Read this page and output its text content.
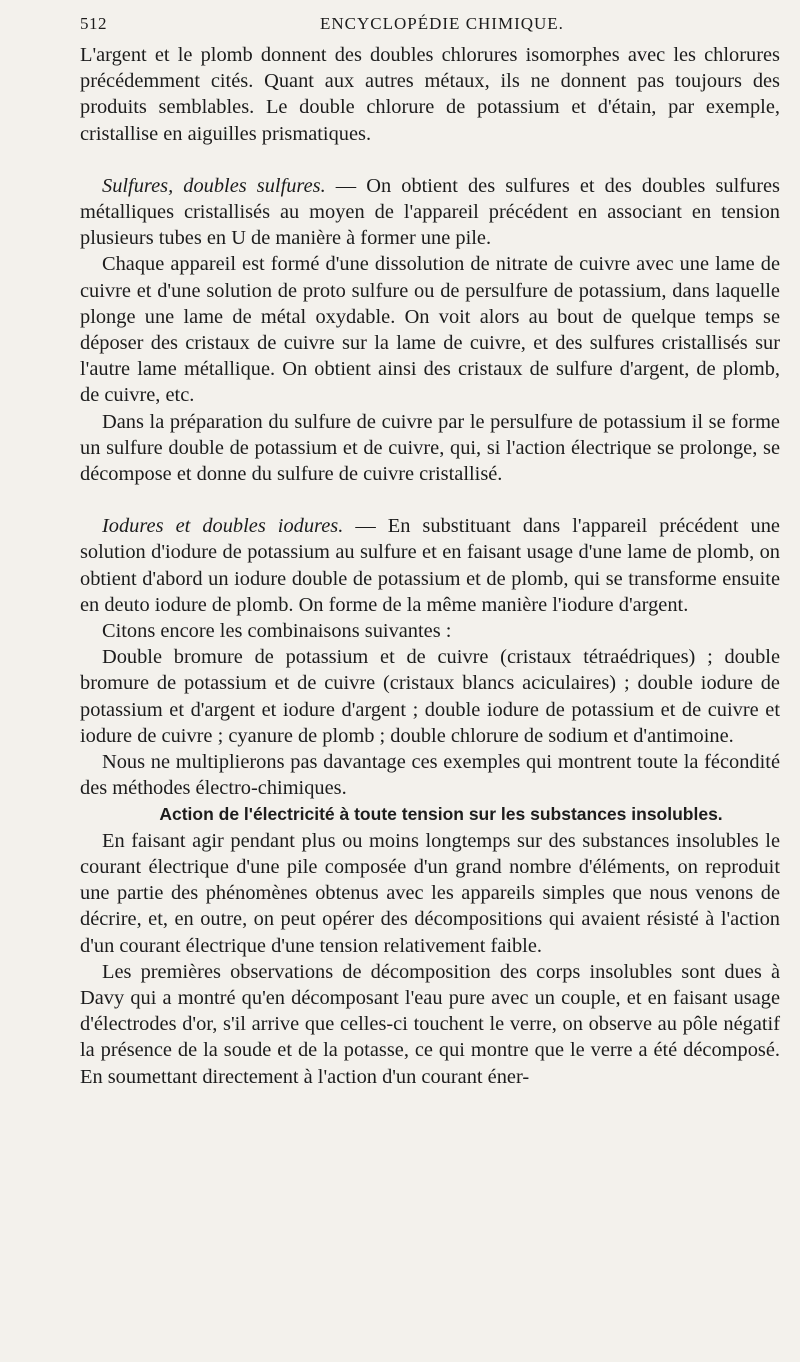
512	ENCYCLOPÉDIE CHIMIQUE.

L'argent et le plomb donnent des doubles chlorures isomorphes avec les chlorures précédemment cités. Quant aux autres métaux, ils ne donnent pas toujours des produits semblables. Le double chlorure de potassium et d'étain, par exemple, cristallise en aiguilles prismatiques.

Sulfures, doubles sulfures. — On obtient des sulfures et des doubles sulfures métalliques cristallisés au moyen de l'appareil précédent en associant en tension plusieurs tubes en U de manière à former une pile.

Chaque appareil est formé d'une dissolution de nitrate de cuivre avec une lame de cuivre et d'une solution de proto sulfure ou de persulfure de potassium, dans laquelle plonge une lame de métal oxydable. On voit alors au bout de quelque temps se déposer des cristaux de cuivre sur la lame de cuivre, et des sulfures cristallisés sur l'autre lame métallique. On obtient ainsi des cristaux de sulfure d'argent, de plomb, de cuivre, etc.

Dans la préparation du sulfure de cuivre par le persulfure de potassium il se forme un sulfure double de potassium et de cuivre, qui, si l'action électrique se prolonge, se décompose et donne du sulfure de cuivre cristallisé.

Iodures et doubles iodures. — En substituant dans l'appareil précédent une solution d'iodure de potassium au sulfure et en faisant usage d'une lame de plomb, on obtient d'abord un iodure double de potassium et de plomb, qui se transforme ensuite en deuto iodure de plomb. On forme de la même manière l'iodure d'argent.

Citons encore les combinaisons suivantes :

Double bromure de potassium et de cuivre (cristaux tétraédriques) ; double bromure de potassium et de cuivre (cristaux blancs aciculaires) ; double iodure de potassium et d'argent et iodure d'argent ; double iodure de potassium et de cuivre et iodure de cuivre ; cyanure de plomb ; double chlorure de sodium et d'antimoine.

Nous ne multiplierons pas davantage ces exemples qui montrent toute la fécondité des méthodes électro-chimiques.

Action de l'électricité à toute tension sur les substances insolubles.

En faisant agir pendant plus ou moins longtemps sur des substances insolubles le courant électrique d'une pile composée d'un grand nombre d'éléments, on reproduit une partie des phénomènes obtenus avec les appareils simples que nous venons de décrire, et, en outre, on peut opérer des décompositions qui avaient résisté à l'action d'un courant électrique d'une tension relativement faible.

Les premières observations de décomposition des corps insolubles sont dues à Davy qui a montré qu'en décomposant l'eau pure avec un couple, et en faisant usage d'électrodes d'or, s'il arrive que celles-ci touchent le verre, on observe au pôle négatif la présence de la soude et de la potasse, ce qui montre que le verre a été décomposé. En soumettant directement à l'action d'un courant éner-
